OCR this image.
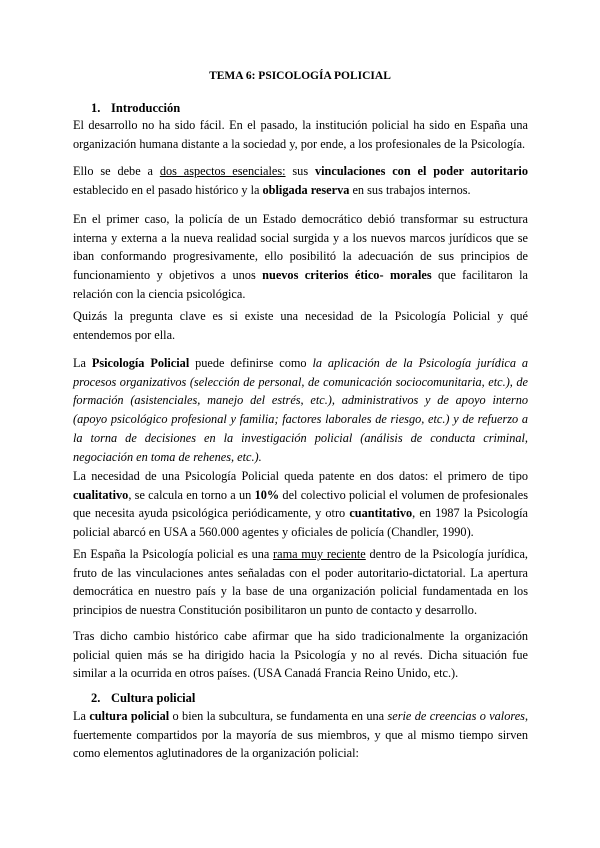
TEMA 6: PSICOLOGÍA POLICIAL
1. Introducción

El desarrollo no ha sido fácil. En el pasado, la institución policial ha sido en España una organización humana distante a la sociedad y, por ende, a los profesionales de la Psicología.

Ello se debe a dos aspectos esenciales: sus vinculaciones con el poder autoritario establecido en el pasado histórico y la obligada reserva en sus trabajos internos.

En el primer caso, la policía de un Estado democrático debió transformar su estructura interna y externa a la nueva realidad social surgida y a los nuevos marcos jurídicos que se iban conformando progresivamente, ello posibilitó la adecuación de sus principios de funcionamiento y objetivos a unos nuevos criterios ético- morales que facilitaron la relación con la ciencia psicológica.

Quizás la pregunta clave es si existe una necesidad de la Psicología Policial y qué entendemos por ella.

La Psicología Policial puede definirse como la aplicación de la Psicología jurídica a procesos organizativos (selección de personal, de comunicación sociocomunitaria, etc.), de formación (asistenciales, manejo del estrés, etc.), administrativos y de apoyo interno (apoyo psicológico profesional y familia; factores laborales de riesgo, etc.) y de refuerzo a la torna de decisiones en la investigación policial (análisis de conducta criminal, negociación en toma de rehenes, etc.).

La necesidad de una Psicología Policial queda patente en dos datos: el primero de tipo cualitativo, se calcula en torno a un 10% del colectivo policial el volumen de profesionales que necesita ayuda psicológica periódicamente, y otro cuantitativo, en 1987 la Psicología policial abarcó en USA a 560.000 agentes y oficiales de policía (Chandler, 1990).

En España la Psicología policial es una rama muy reciente dentro de la Psicología jurídica, fruto de las vinculaciones antes señaladas con el poder autoritario-dictatorial. La apertura democrática en nuestro país y la base de una organización policial fundamentada en los principios de nuestra Constitución posibilitaron un punto de contacto y desarrollo.

Tras dicho cambio histórico cabe afirmar que ha sido tradicionalmente la organización policial quien más se ha dirigido hacia la Psicología y no al revés. Dicha situación fue similar a la ocurrida en otros países. (USA Canadá Francia Reino Unido, etc.).

2. Cultura policial

La cultura policial o bien la subcultura, se fundamenta en una serie de creencias o valores, fuertemente compartidos por la mayoría de sus miembros, y que al mismo tiempo sirven como elementos aglutinadores de la organización policial:
